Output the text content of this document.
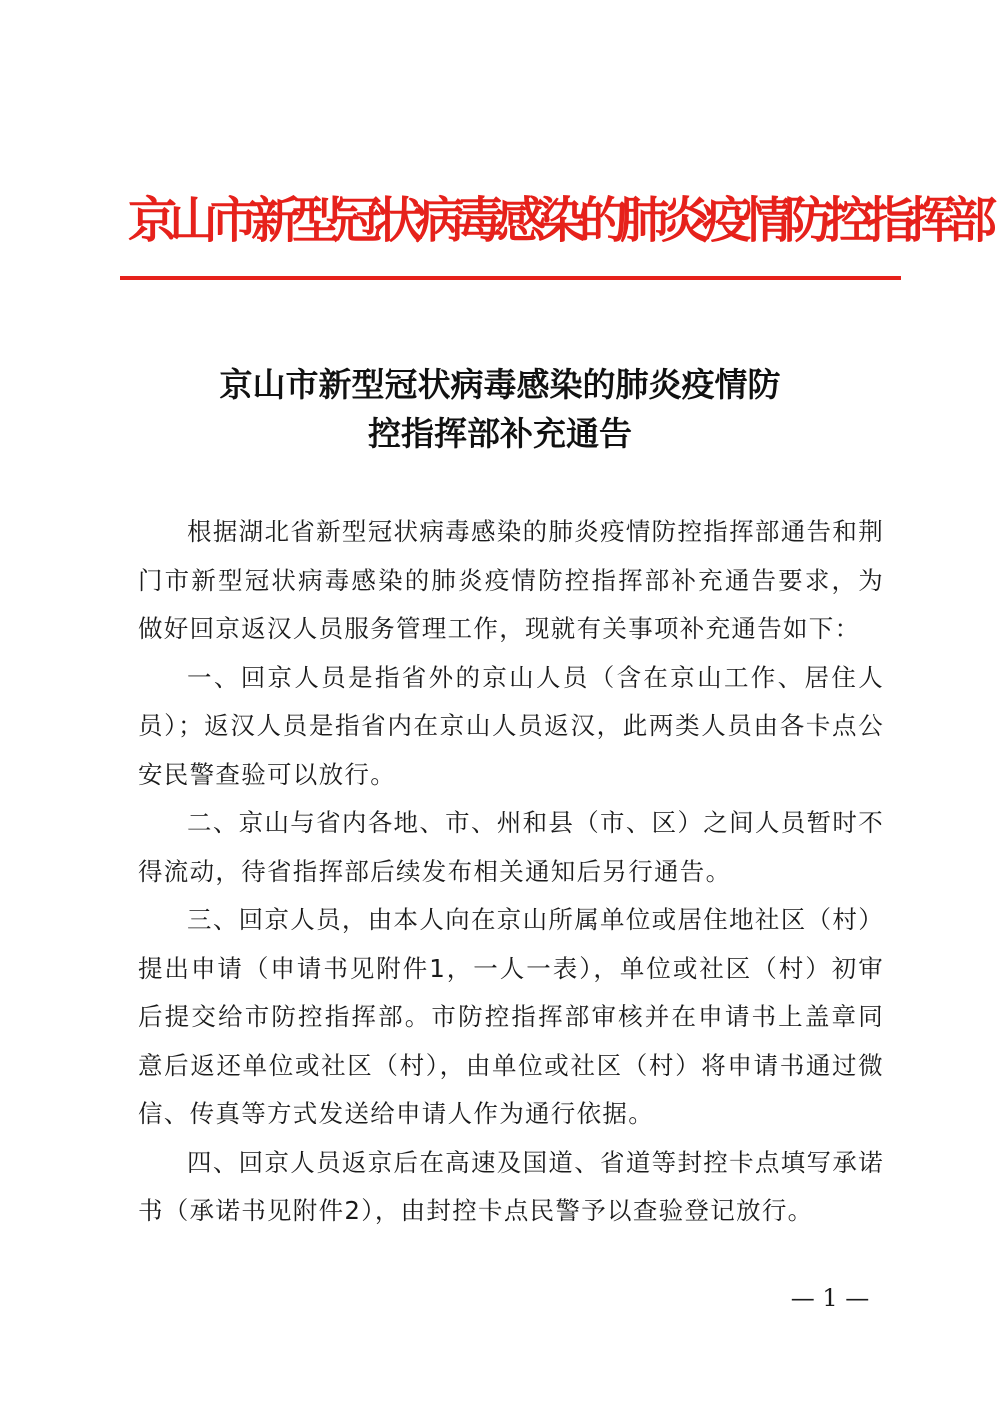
京山市新型冠状病毒感染的肺炎疫情防控指挥部
京山市新型冠状病毒感染的肺炎疫情防
控指挥部补充通告

根据湖北省新型冠状病毒感染的肺炎疫情防控指挥部通告和荆门市新型冠状病毒感染的肺炎疫情防控指挥部补充通告要求，为做好回京返汉人员服务管理工作，现就有关事项补充通告如下：

一、回京人员是指省外的京山人员（含在京山工作、居住人员）；返汉人员是指省内在京山人员返汉，此两类人员由各卡点公安民警查验可以放行。

二、京山与省内各地、市、州和县（市、区）之间人员暂时不得流动，待省指挥部后续发布相关通知后另行通告。

三、回京人员，由本人向在京山所属单位或居住地社区（村）提出申请（申请书见附件1，一人一表），单位或社区（村）初审后提交给市防控指挥部。市防控指挥部审核并在申请书上盖章同意后返还单位或社区（村），由单位或社区（村）将申请书通过微信、传真等方式发送给申请人作为通行依据。

四、回京人员返京后在高速及国道、省道等封控卡点填写承诺书（承诺书见附件2），由封控卡点民警予以查验登记放行。

— 1 —
